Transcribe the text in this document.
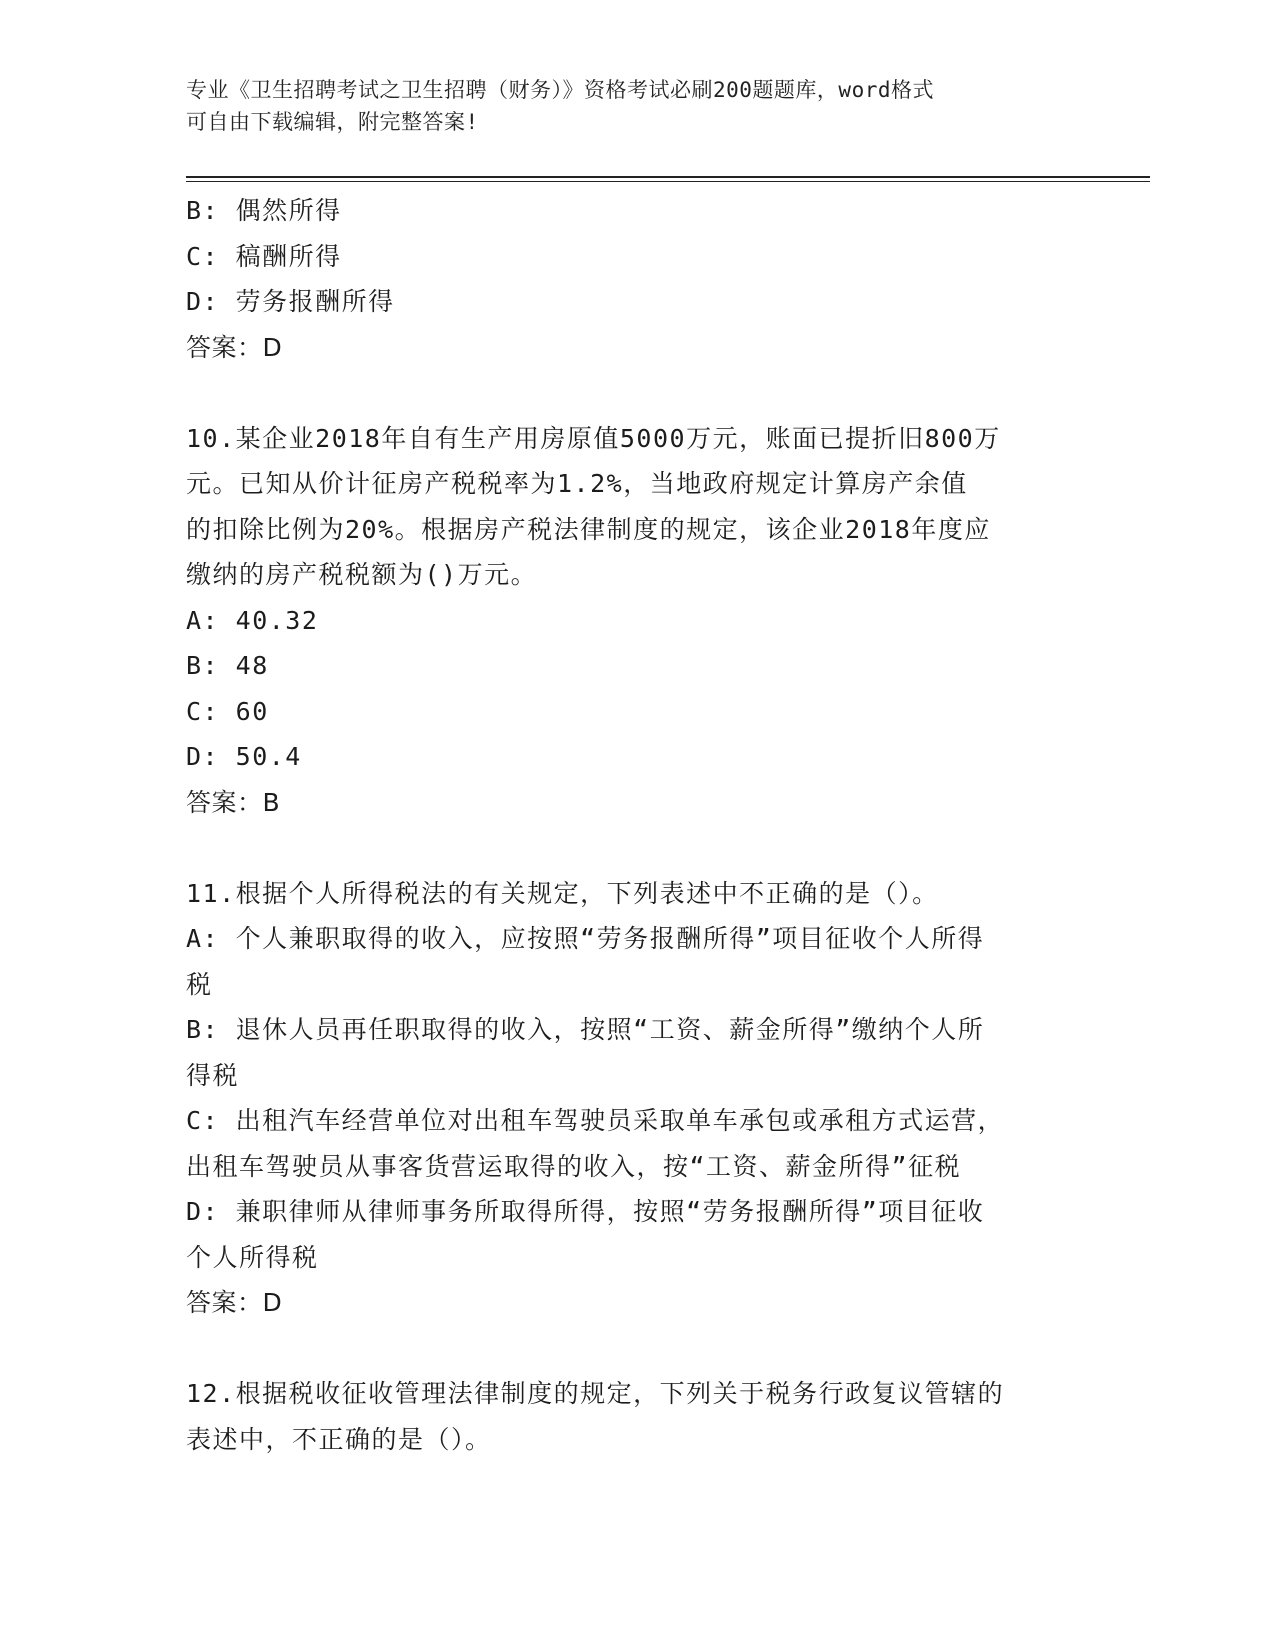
专业《卫生招聘考试之卫生招聘（财务）》资格考试必刷200题题库，word格式
可自由下载编辑，附完整答案!
B: 偶然所得
C: 稿酬所得
D: 劳务报酬所得
答案：D
10.某企业2018年自有生产用房原值5000万元，账面已提折旧800万
元。已知从价计征房产税税率为1.2%，当地政府规定计算房产余值
的扣除比例为20%。根据房产税法律制度的规定，该企业2018年度应
缴纳的房产税税额为()万元。
A: 40.32
B: 48
C: 60
D: 50.4
答案：B
11.根据个人所得税法的有关规定，下列表述中不正确的是（）。
A: 个人兼职取得的收入，应按照“劳务报酬所得”项目征收个人所得
税
B: 退休人员再任职取得的收入，按照“工资、薪金所得”缴纳个人所
得税
C: 出租汽车经营单位对出租车驾驶员采取单车承包或承租方式运营，
出租车驾驶员从事客货营运取得的收入，按“工资、薪金所得”征税
D: 兼职律师从律师事务所取得所得，按照“劳务报酬所得”项目征收
个人所得税
答案：D
12.根据税收征收管理法律制度的规定，下列关于税务行政复议管辖的
表述中，不正确的是（）。
